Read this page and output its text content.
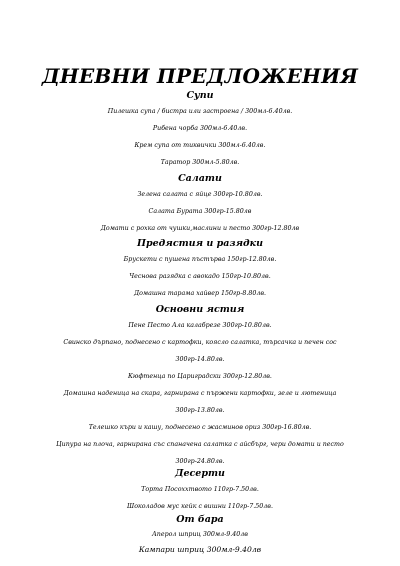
ДНЕВНИ ПРЕДЛОЖЕНИЯ
Супи
Пилешка супа / бистра или застроена / 300мл-6.40лв.
Рибена чорба 300мл-6.40лв.
Крем супа от тиквички 300мл-6.40лв.
Таратор 300мл-5.80лв.
Салати
Зелена салата с яйце 300гр-10.80лв.
Салата Бурата 300гр-15.80лв
Домати с рохка от чушки,маслини и песто 300гр-12.80лв
Предястия и разядки
Брускети с пушена пъстърва 150гр-12.80лв.
Чеснова разядка с авокадо 150гр-10.80лв.
Домашна тарама хайвер 150гр-8.80лв.
Основни ястия
Пене Песто Ала калабрезе 300гр-10.80лв.
Свинско дърпано, поднесено с картофки, коясло салатка, търсачка и печен сос
300гр-14.80лв.
Кюфтенца по Цариградски 300гр-12.80лв.
Домашна наденица на скара, гарнирана с пържени картофки, зеле и лютеница
300гр-13.80лв.
Телешко къри и кашу, поднесено с жасминов ориз 300гр-16.80лв.
Ципура на плоча, гарнирана със спаначена салатка с айсбърг, чери домати и песто
300гр-24.80лв.
Десерти
Торта Посоххтвото 110гр-7.50лв.
Шоколадов мус кейк с вишни 110гр-7.50лв.
От бара
Аперол шприц 300мл-9.40лв
Кампари шприц 300мл-9.40лв
